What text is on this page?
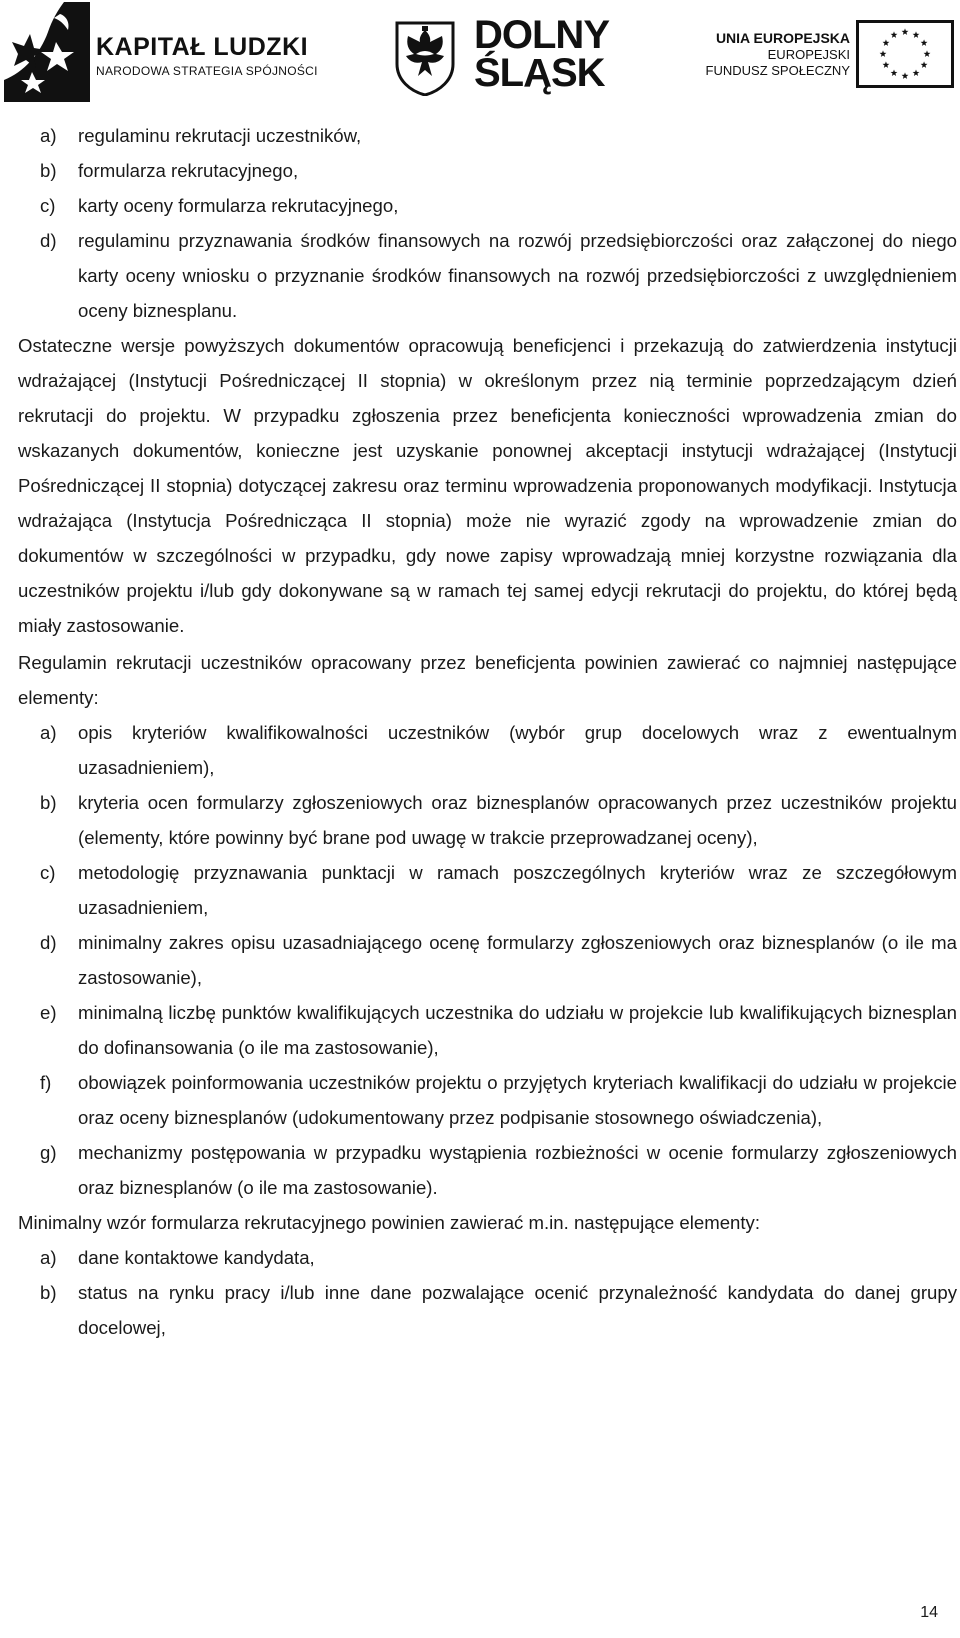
KAPITAŁ LUDZKI
NARODOWA STRATEGIA SPÓJNOŚCI
DOLNY
ŚLĄSK
UNIA EUROPEJSKA
EUROPEJSKI
FUNDUSZ SPOŁECZNY
a)	regulaminu rekrutacji uczestników,
b)	formularza rekrutacyjnego,
c)	karty oceny formularza rekrutacyjnego,
d)	regulaminu przyznawania środków finansowych na rozwój przedsiębiorczości oraz załączonej do niego karty oceny wniosku o przyznanie środków finansowych na rozwój przedsiębiorczości z uwzględnieniem oceny biznesplanu.
Ostateczne wersje powyższych dokumentów opracowują beneficjenci i przekazują do zatwierdzenia instytucji wdrażającej (Instytucji Pośredniczącej II stopnia) w określonym przez nią terminie poprzedzającym dzień rekrutacji do projektu. W przypadku zgłoszenia przez beneficjenta konieczności wprowadzenia zmian do wskazanych dokumentów, konieczne jest uzyskanie ponownej akceptacji instytucji wdrażającej (Instytucji Pośredniczącej II stopnia) dotyczącej zakresu oraz terminu wprowadzenia proponowanych modyfikacji. Instytucja wdrażająca (Instytucja Pośrednicząca II stopnia) może nie wyrazić zgody na wprowadzenie zmian do dokumentów w szczególności w przypadku, gdy nowe zapisy wprowadzają mniej korzystne rozwiązania dla uczestników projektu i/lub gdy dokonywane są w ramach tej samej edycji rekrutacji do projektu, do której będą miały zastosowanie.
Regulamin rekrutacji uczestników opracowany przez beneficjenta powinien zawierać co najmniej następujące elementy:
a)	opis kryteriów kwalifikowalności uczestników (wybór grup docelowych wraz z ewentualnym uzasadnieniem),
b)	kryteria ocen formularzy zgłoszeniowych oraz biznesplanów opracowanych przez uczestników projektu (elementy, które powinny być brane pod uwagę w trakcie przeprowadzanej oceny),
c)	metodologię przyznawania punktacji w ramach poszczególnych kryteriów wraz ze szczegółowym uzasadnieniem,
d)	minimalny zakres opisu uzasadniającego ocenę formularzy zgłoszeniowych oraz biznesplanów (o ile ma zastosowanie),
e)	minimalną liczbę punktów kwalifikujących uczestnika do udziału w projekcie lub kwalifikujących biznesplan do dofinansowania (o ile ma zastosowanie),
f)	obowiązek poinformowania uczestników projektu o przyjętych kryteriach kwalifikacji do udziału w projekcie oraz oceny biznesplanów (udokumentowany przez podpisanie stosownego oświadczenia),
g)	mechanizmy postępowania w przypadku wystąpienia rozbieżności w ocenie formularzy zgłoszeniowych oraz biznesplanów (o ile ma zastosowanie).
Minimalny wzór formularza rekrutacyjnego powinien zawierać m.in. następujące elementy:
a)	dane kontaktowe kandydata,
b)	status na rynku pracy i/lub inne dane pozwalające ocenić przynależność kandydata do danej grupy docelowej,
14
